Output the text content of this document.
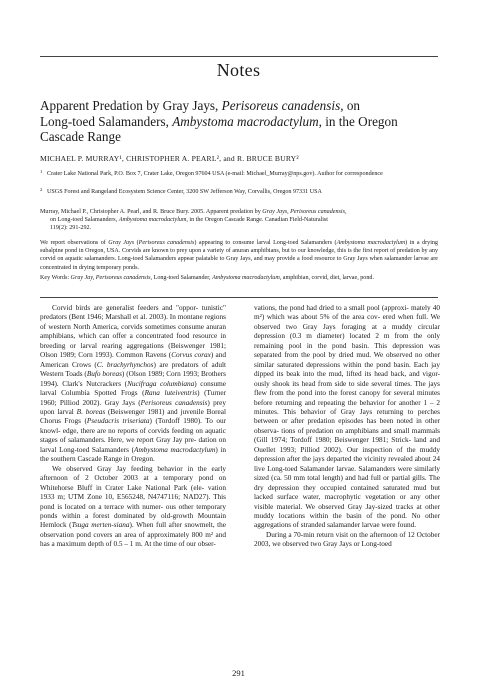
Notes
Apparent Predation by Gray Jays, Perisoreus canadensis, on
Long-toed Salamanders, Ambystoma macrodactylum, in the Oregon
Cascade Range
MICHAEL P. MURRAY¹, CHRISTOPHER A. PEARL², and R. BRUCE BURY²
1 Crater Lake National Park, P.O. Box 7, Crater Lake, Oregon 97604 USA (e-mail: Michael_Murray@nps.gov). Author for correspondence
2 USGS Forest and Rangeland Ecosystem Science Center, 3200 SW Jefferson Way, Corvallis, Oregon 97331 USA
Murray, Michael P., Christopher A. Pearl, and R. Bruce Bury. 2005. Apparent predation by Gray Jays, Perisoreus canadensis,
on Long-toed Salamanders, Ambystoma macrodactylum, in the Oregon Cascade Range. Canadian Field-Naturalist
119(2): 291-292.
We report observations of Gray Jays (Perisoreus canadensis) appearing to consume larval Long-toed Salamanders (Ambystoma macrodactylum) in a drying subalpine pond in Oregon, USA. Corvids are known to prey upon a variety of anuran amphibians, but to our knowledge, this is the first report of predation by any corvid on aquatic salamanders. Long-toed Salamanders appear palatable to Gray Jays, and may provide a food resource to Gray Jays when salamander larvae are concentrated in drying temporary ponds.
Key Words: Gray Jay, Perisoreus canadensis, Long-toed Salamander, Ambystoma macrodactylum, amphibian, corvid, diet, larvae, pond.

Corvid birds are generalist feeders and "oppor- tunistic" predators (Bent 1946; Marshall et al. 2003). In montane regions of western North America, corvids sometimes consume anuran amphibians, which can offer a concentrated food resource in breeding or larval rearing aggregations (Beiswenger 1981; Olson 1989; Corn 1993). Common Ravens (Corvus corax) and American Crows (C. brachyrhynchos) are predators of adult Western Toads (Bufo boreas) (Olson 1989; Corn 1993; Brothers 1994). Clark's Nutcrackers (Nucifraga columbiana) consume larval Columbia Spotted Frogs (Rana luteiventris) (Turner 1960; Pilliod 2002). Gray Jays (Perisoreus canadensis) prey upon larval B. boreas (Beiswenger 1981) and juvenile Boreal Chorus Frogs (Pseudacris triseriata) (Tordoff 1980). To our knowl- edge, there are no reports of corvids feeding on aquatic stages of salamanders. Here, we report Gray Jay pre- dation on larval Long-toed Salamanders (Ambystoma macrodactylum) in the southern Cascade Range in Oregon.

We observed Gray Jay feeding behavior in the early afternoon of 2 October 2003 at a temporary pond on Whitehorse Bluff in Crater Lake National Park (ele- vation 1933 m; UTM Zone 10, E565248, N4747116; NAD27). This pond is located on a terrace with numer- ous other temporary ponds within a forest dominated by old-growth Mountain Hemlock (Tsuga merten-siana). When full after snowmelt, the observation pond covers an area of approximately 800 m² and has a maximum depth of 0.5 – 1 m. At the time of our obser-

vations, the pond had dried to a small pool (approxi- mately 40 m²) which was about 5% of the area cov- ered when full. We observed two Gray Jays foraging at a muddy circular depression (0.3 m diameter) located 2 m from the only remaining pool in the pond basin. This depression was separated from the pool by dried mud. We observed no other similar saturated depressions within the pond basin. Each jay dipped its beak into the mud, lifted its head back, and vigor- ously shook its head from side to side several times. The jays flew from the pond into the forest canopy for several minutes before returning and repeating the behavior for another 1 – 2 minutes. This behavior of Gray Jays returning to perches between or after predation episodes has been noted in other observa- tions of predation on amphibians and small mammals (Gill 1974; Tordoff 1980; Beiswenger 1981; Strick- land and Ouellet 1993; Pilliod 2002). Our inspection of the muddy depression after the jays departed the vicinity revealed about 24 live Long-toed Salamander larvae. Salamanders were similarly sized (ca. 50 mm total length) and had full or partial gills. The dry depression they occupied contained saturated mud but lacked surface water, macrophytic vegetation or any other visible material. We observed Gray Jay-sized tracks at other muddy locations within the basin of the pond. No other aggregations of stranded salamander larvae were found.

During a 70-min return visit on the afternoon of 12 October 2003, we observed two Gray Jays or Long-toed

291
